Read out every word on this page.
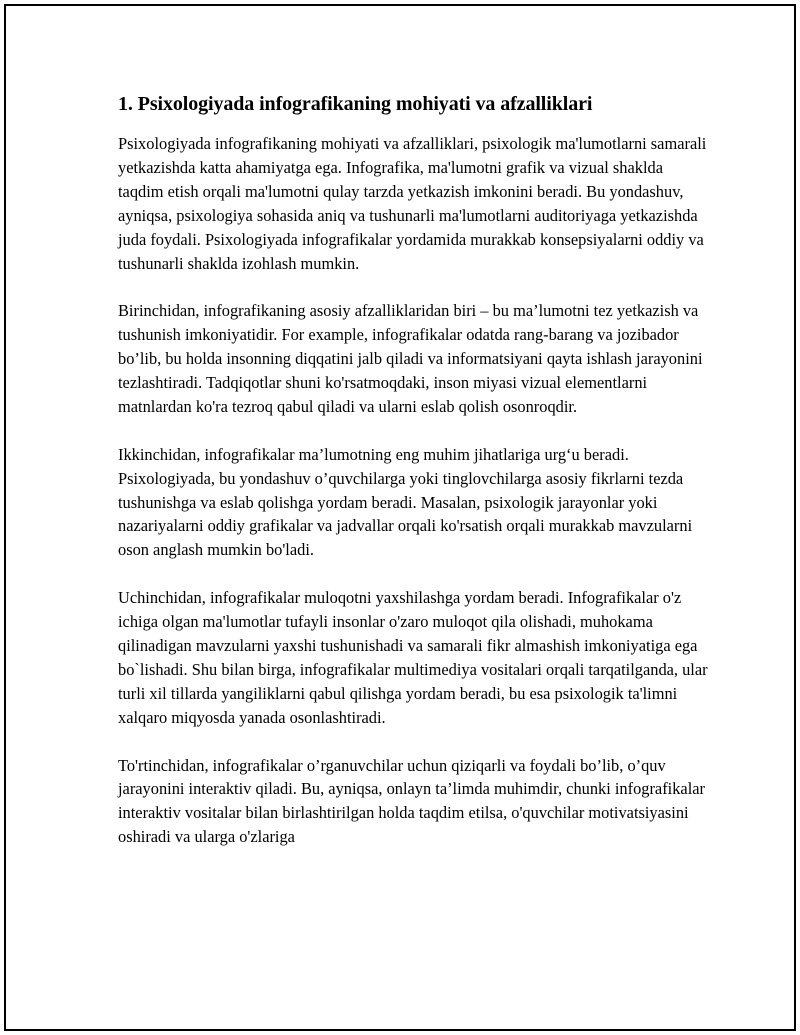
1. Psixologiyada infografikaning mohiyati va afzalliklari

Psixologiyada infografikaning mohiyati va afzalliklari, psixologik ma'lumotlarni samarali yetkazishda katta ahamiyatga ega. Infografika, ma'lumotni grafik va vizual shaklda taqdim etish orqali ma'lumotni qulay tarzda yetkazish imkonini beradi. Bu yondashuv, ayniqsa, psixologiya sohasida aniq va tushunarli ma'lumotlarni auditoriyaga yetkazishda juda foydali. Psixologiyada infografikalar yordamida murakkab konsepsiyalarni oddiy va tushunarli shaklda izohlash mumkin.

Birinchidan, infografikaning asosiy afzalliklaridan biri – bu ma’lumotni tez yetkazish va tushunish imkoniyatidir. For example, infografikalar odatda rang-barang va jozibador bo’lib, bu holda insonning diqqatini jalb qiladi va informatsiyani qayta ishlash jarayonini tezlashtiradi. Tadqiqotlar shuni ko'rsatmoqdaki, inson miyasi vizual elementlarni matnlardan ko'ra tezroq qabul qiladi va ularni eslab qolish osonroqdir.

Ikkinchidan, infografikalar ma’lumotning eng muhim jihatlariga urg‘u beradi. Psixologiyada, bu yondashuv o’quvchilarga yoki tinglovchilarga asosiy fikrlarni tezda tushunishga va eslab qolishga yordam beradi. Masalan, psixologik jarayonlar yoki nazariyalarni oddiy grafikalar va jadvallar orqali ko'rsatish orqali murakkab mavzularni oson anglash mumkin bo'ladi.

Uchinchidan, infografikalar muloqotni yaxshilashga yordam beradi. Infografikalar o'z ichiga olgan ma'lumotlar tufayli insonlar o'zaro muloqot qila olishadi, muhokama qilinadigan mavzularni yaxshi tushunishadi va samarali fikr almashish imkoniyatiga ega bo`lishadi. Shu bilan birga, infografikalar multimediya vositalari orqali tarqatilganda, ular turli xil tillarda yangiliklarni qabul qilishga yordam beradi, bu esa psixologik ta'limni xalqaro miqyosda yanada osonlashtiradi.

To'rtinchidan, infografikalar o’rganuvchilar uchun qiziqarli va foydali bo’lib, o’quv jarayonini interaktiv qiladi. Bu, ayniqsa, onlayn ta’limda muhimdir, chunki infografikalar interaktiv vositalar bilan birlashtirilgan holda taqdim etilsa, o'quvchilar motivatsiyasini oshiradi va ularga o'zlariga
